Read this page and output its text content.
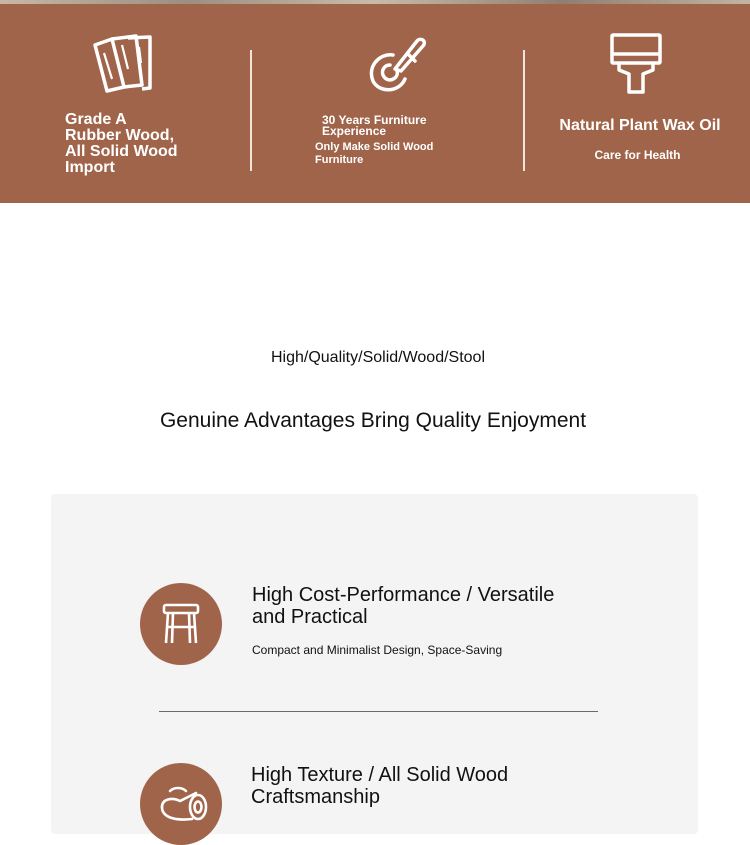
Grade A
Rubber Wood,
All Solid Wood
Import
30 Years Furniture
Experience
Only Make Solid Wood
Furniture
Natural Plant Wax Oil
Care for Health
High/Quality/Solid/Wood/Stool
Genuine Advantages Bring Quality Enjoyment
High Cost-Performance / Versatile
and Practical
Compact and Minimalist Design, Space-Saving
High Texture / All Solid Wood
Craftsmanship
